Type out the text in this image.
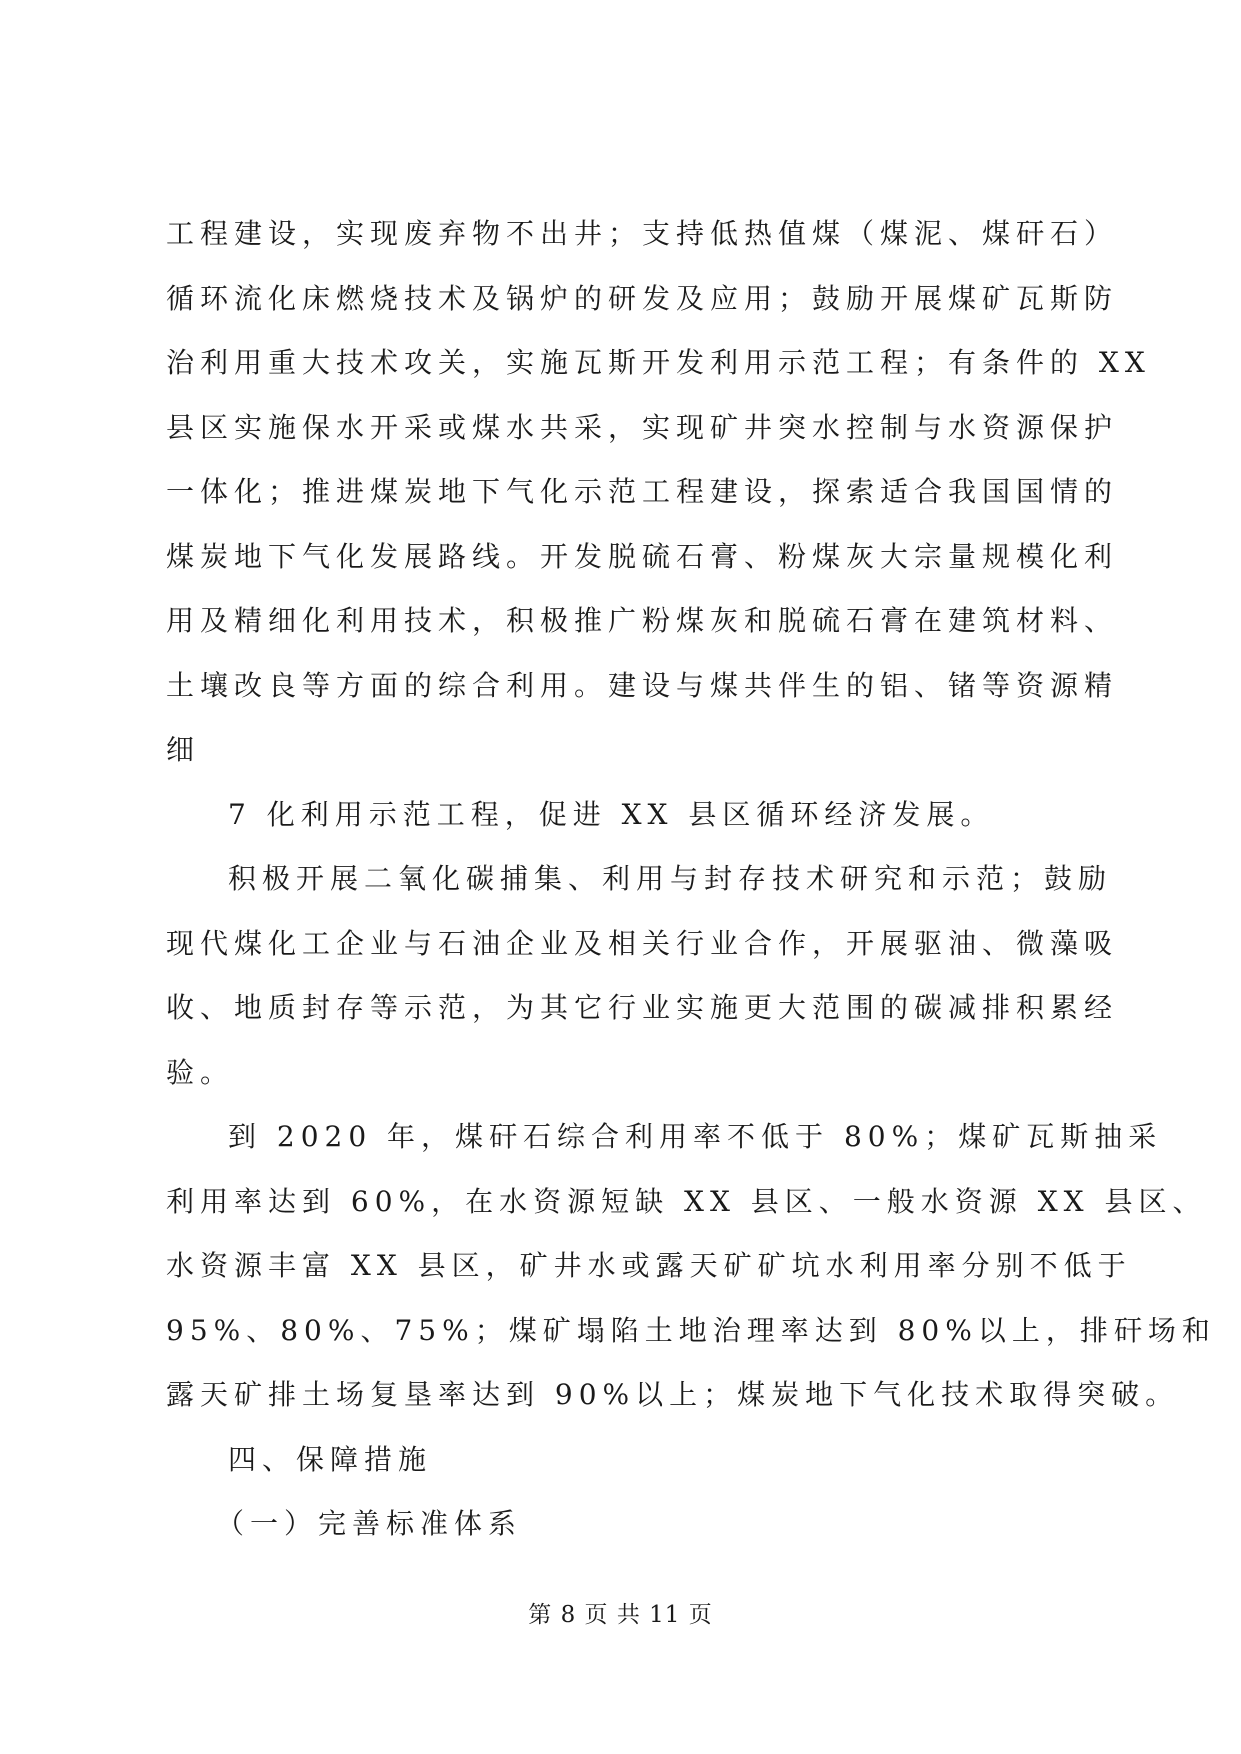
工程建设，实现废弃物不出井；支持低热值煤（煤泥、煤矸石）
循环流化床燃烧技术及锅炉的研发及应用；鼓励开展煤矿瓦斯防
治利用重大技术攻关，实施瓦斯开发利用示范工程；有条件的 XX
县区实施保水开采或煤水共采，实现矿井突水控制与水资源保护
一体化；推进煤炭地下气化示范工程建设，探索适合我国国情的
煤炭地下气化发展路线。开发脱硫石膏、粉煤灰大宗量规模化利
用及精细化利用技术，积极推广粉煤灰和脱硫石膏在建筑材料、
土壤改良等方面的综合利用。建设与煤共伴生的铝、锗等资源精
细
7 化利用示范工程，促进 XX 县区循环经济发展。
积极开展二氧化碳捕集、利用与封存技术研究和示范；鼓励
现代煤化工企业与石油企业及相关行业合作，开展驱油、微藻吸
收、地质封存等示范，为其它行业实施更大范围的碳减排积累经
验。
到 2020 年，煤矸石综合利用率不低于 80%；煤矿瓦斯抽采
利用率达到 60%，在水资源短缺 XX 县区、一般水资源 XX 县区、
水资源丰富 XX 县区，矿井水或露天矿矿坑水利用率分别不低于
95%、80%、75%；煤矿塌陷土地治理率达到 80%以上，排矸场和
露天矿排土场复垦率达到 90%以上；煤炭地下气化技术取得突破。
四、保障措施
（一）完善标准体系
第 8 页 共 11 页
